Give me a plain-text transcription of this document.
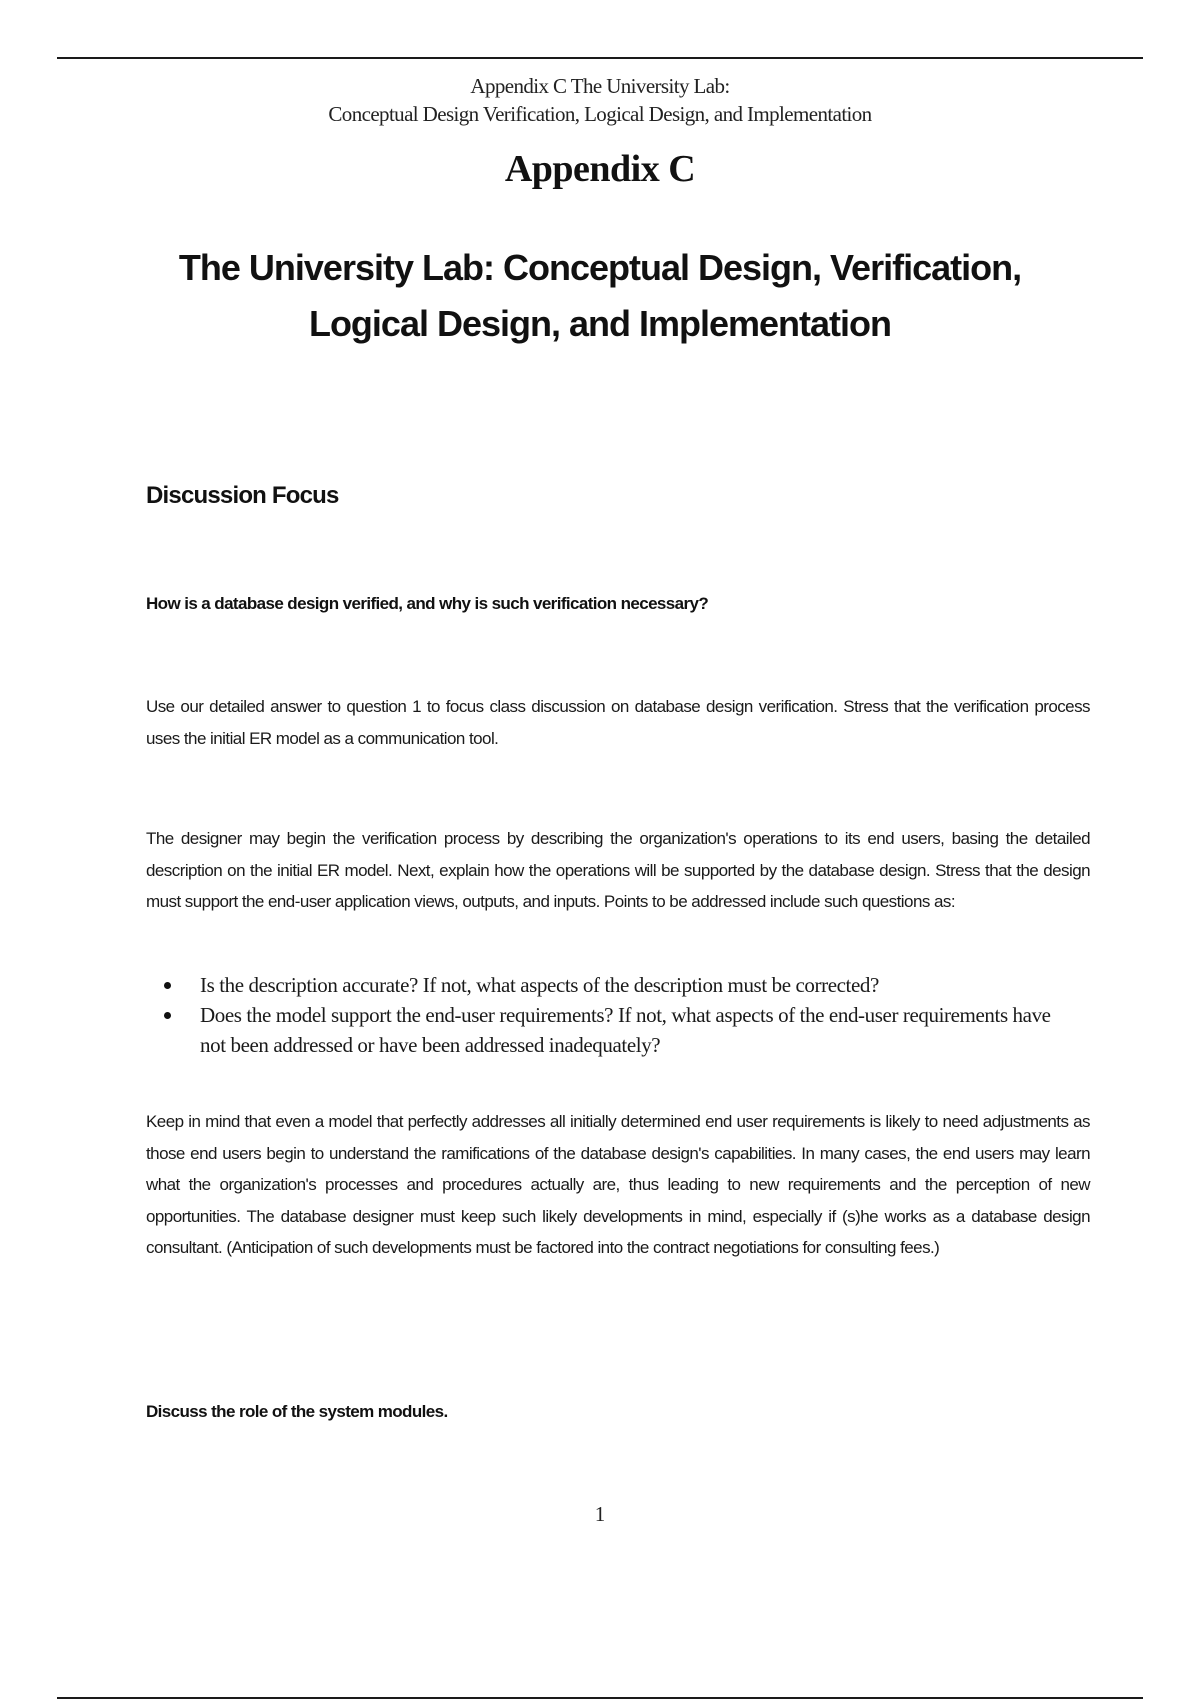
Appendix C The University Lab:
Conceptual Design Verification, Logical Design, and Implementation
Appendix C
The University Lab: Conceptual Design, Verification,
Logical Design, and Implementation
Discussion Focus
How is a database design verified, and why is such verification necessary?

Use our detailed answer to question 1 to focus class discussion on database design verification. Stress that the verification process uses the initial ER model as a communication tool.

The designer may begin the verification process by describing the organization's operations to its end users, basing the detailed description on the initial ER model. Next, explain how the operations will be supported by the database design. Stress that the design must support the end-user application views, outputs, and inputs. Points to be addressed include such questions as:

Is the description accurate? If not, what aspects of the description must be corrected?
Does the model support the end-user requirements? If not, what aspects of the end-user requirements have not been addressed or have been addressed inadequately?

Keep in mind that even a model that perfectly addresses all initially determined end user requirements is likely to need adjustments as those end users begin to understand the ramifications of the database design's capabilities. In many cases, the end users may learn what the organization's processes and procedures actually are, thus leading to new requirements and the perception of new opportunities. The database designer must keep such likely developments in mind, especially if (s)he works as a database design consultant. (Anticipation of such developments must be factored into the contract negotiations for consulting fees.)

Discuss the role of the system modules.
1
